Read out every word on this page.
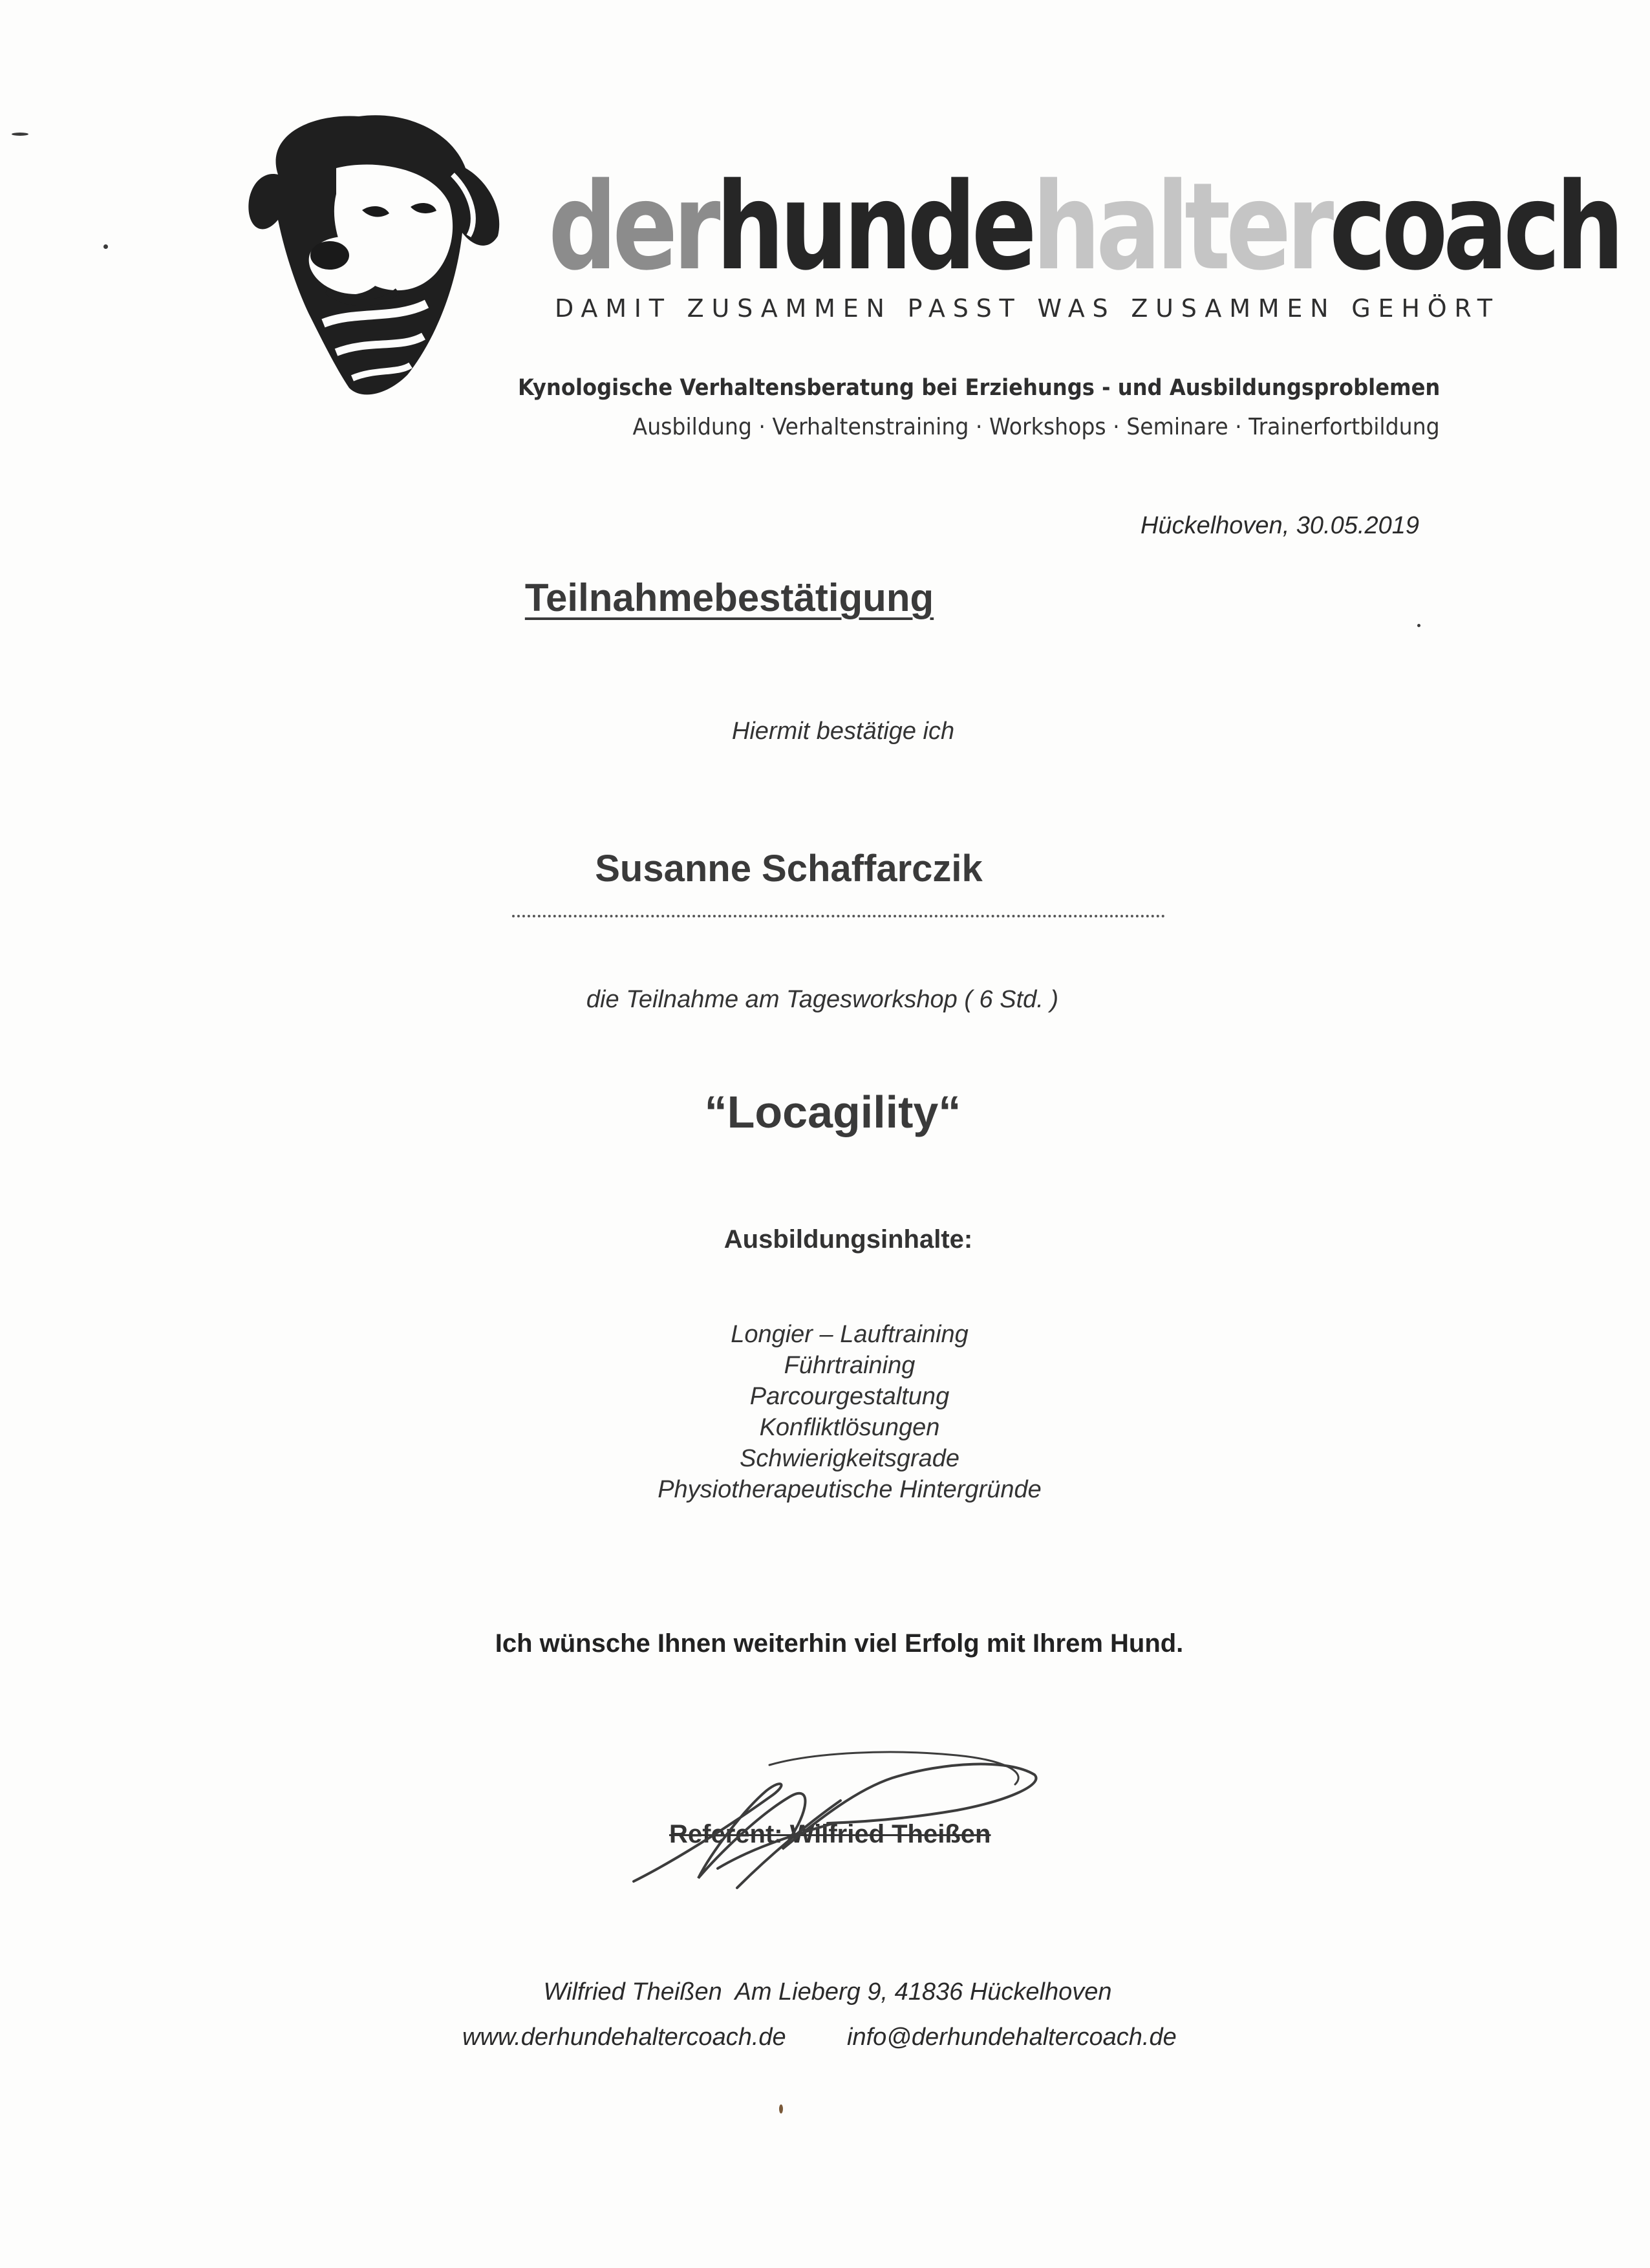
derhundehaltercoach
DAMIT ZUSAMMEN PASST WAS ZUSAMMEN GEHÖRT
Kynologische Verhaltensberatung bei Erziehungs - und Ausbildungsproblemen
Ausbildung · Verhaltenstraining · Workshops · Seminare · Trainerfortbildung
Hückelhoven, 30.05.2019
Teilnahmebestätigung
Hiermit bestätige ich
Susanne Schaffarczik
die Teilnahme am Tagesworkshop ( 6 Std. )
“Locagility“
Ausbildungsinhalte:
Longier – Lauftraining
Führtraining
Parcourgestaltung
Konfliktlösungen
Schwierigkeitsgrade
Physiotherapeutische Hintergründe
Ich wünsche Ihnen weiterhin viel Erfolg mit Ihrem Hund.
Referent: Wilfried Theißen
Wilfried Theißen  Am Lieberg 9, 41836 Hückelhoven
www.derhundehaltercoach.de info@derhundehaltercoach.de
